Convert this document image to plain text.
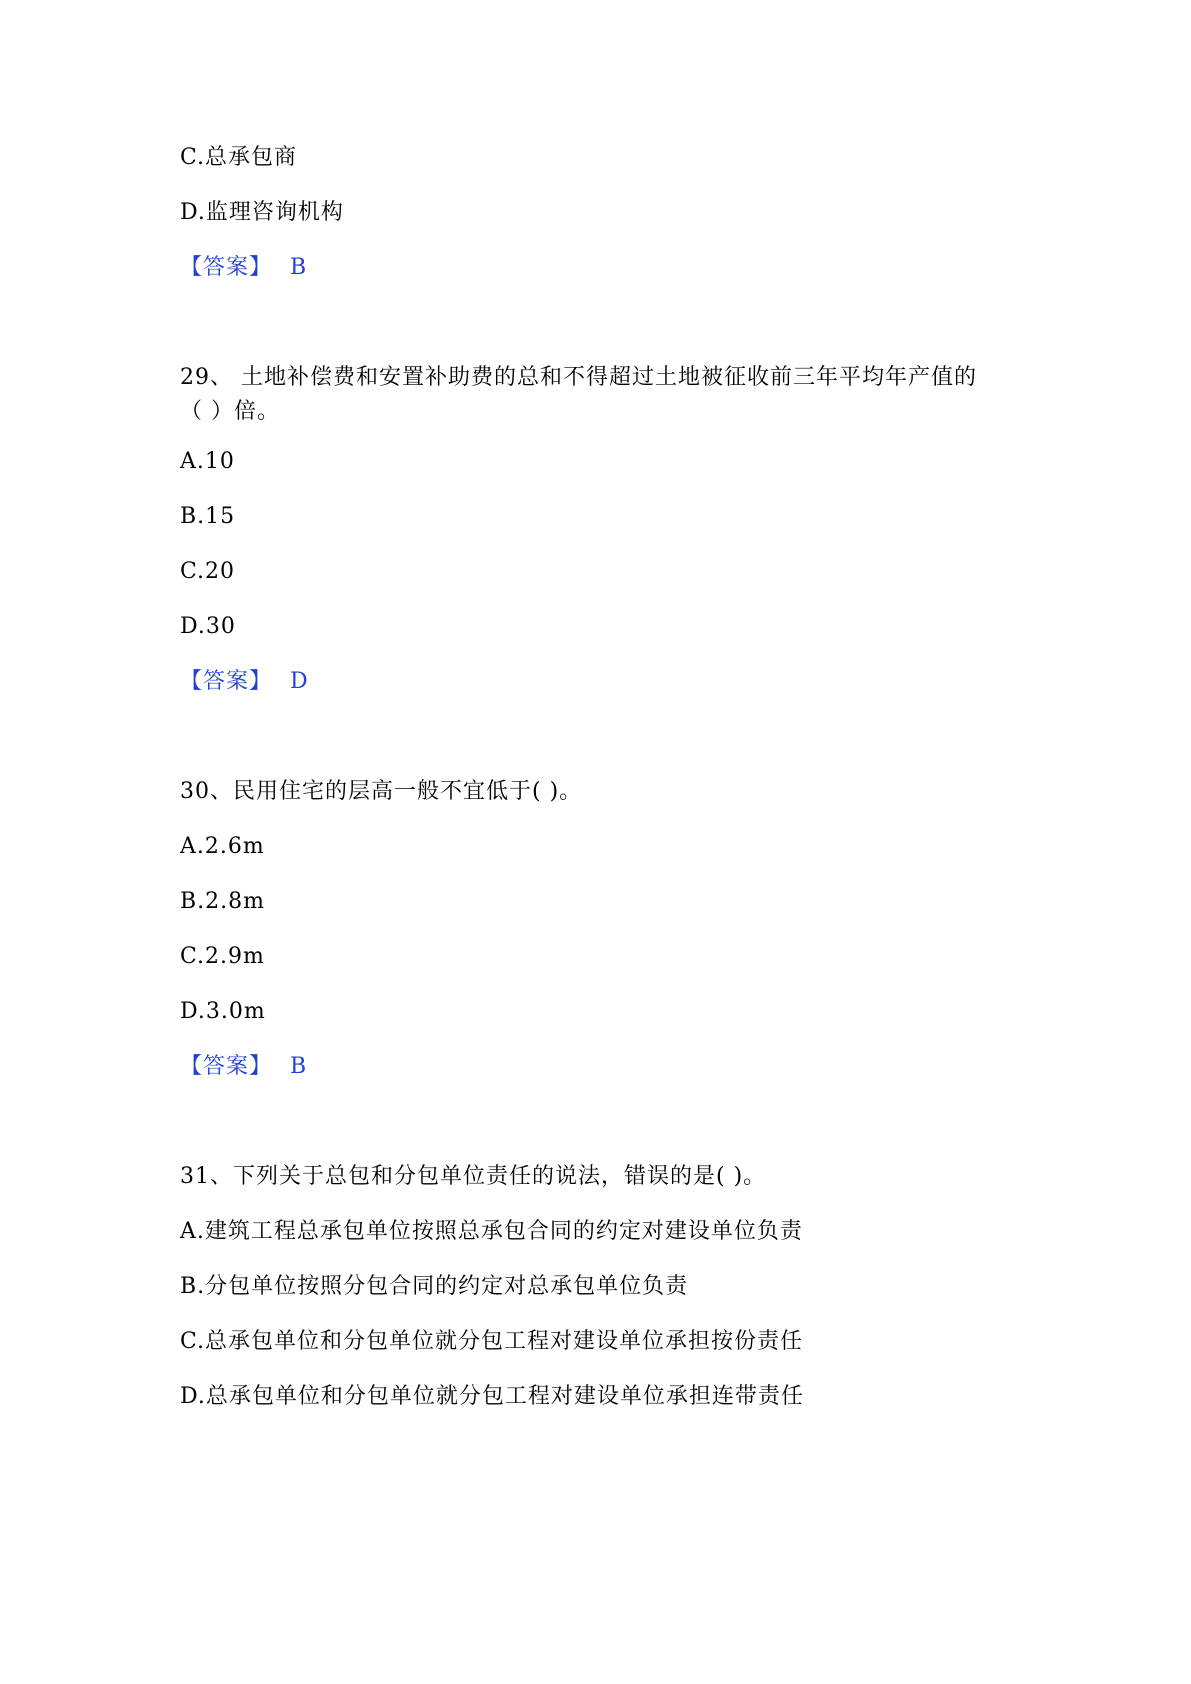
C.总承包商
D.监理咨询机构
【答案】 B
29、 土地补偿费和安置补助费的总和不得超过土地被征收前三年平均年产值的
（ ）倍。
A.10
B.15
C.20
D.30
【答案】 D
30、民用住宅的层高一般不宜低于( )。
A.2.6m
B.2.8m
C.2.9m
D.3.0m
【答案】 B
31、下列关于总包和分包单位责任的说法，错误的是( )。
A.建筑工程总承包单位按照总承包合同的约定对建设单位负责
B.分包单位按照分包合同的约定对总承包单位负责
C.总承包单位和分包单位就分包工程对建设单位承担按份责任
D.总承包单位和分包单位就分包工程对建设单位承担连带责任
